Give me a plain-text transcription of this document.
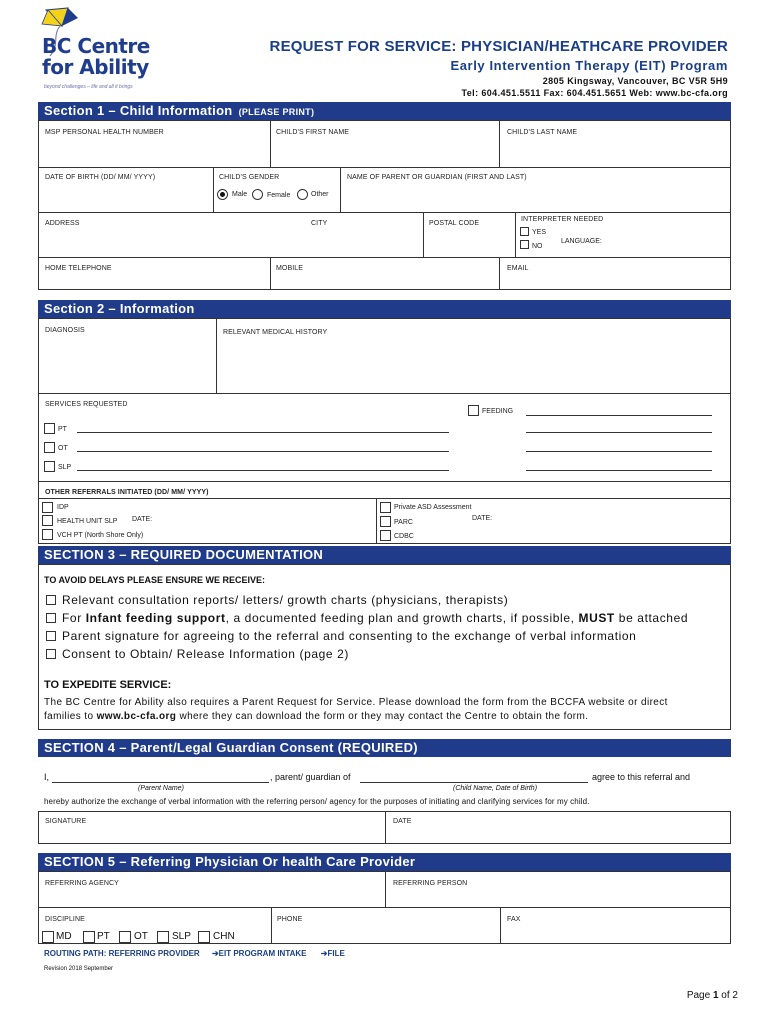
BC Centre
for Ability
beyond challenges – life and all it brings
REQUEST FOR SERVICE: PHYSICIAN/HEATHCARE PROVIDER
Early Intervention Therapy (EIT) Program
2805 Kingsway, Vancouver, BC V5R 5H9
Tel: 604.451.5511 Fax: 604.451.5651 Web: www.bc-cfa.org
Section 1 – Child Information (PLEASE PRINT)
MSP PERSONAL HEALTH NUMBER	CHILD'S FIRST NAME	CHILD'S LAST NAME
DATE OF BIRTH (DD/ MM/ YYYY)	CHILD'S GENDER	NAME OF PARENT OR GUARDIAN (FIRST AND LAST)
Male	Female	Other
ADDRESS	CITY	POSTAL CODE
INTERPRETER NEEDED
YES
NO
LANGUAGE:
HOME TELEPHONE	MOBILE	EMAIL
Section 2 – Information
DIAGNOSIS	RELEVANT MEDICAL HISTORY
SERVICES REQUESTED
FEEDING
PT
OT
SLP
OTHER REFERRALS INITIATED (DD/ MM/ YYYY)
IDP
HEALTH UNIT SLP DATE:
VCH PT (North Shore Only)
Private ASD Assessment
PARC
DATE:
CDBC
SECTION 3 – REQUIRED DOCUMENTATION
TO AVOID DELAYS PLEASE ENSURE WE RECEIVE:
Relevant consultation reports/ letters/ growth charts (physicians, therapists)
For Infant feeding support, a documented feeding plan and growth charts, if possible, MUST be attached
Parent signature for agreeing to the referral and consenting to the exchange of verbal information
Consent to Obtain/ Release Information (page 2)
TO EXPEDITE SERVICE:
The BC Centre for Ability also requires a Parent Request for Service. Please download the form from the BCCFA website or direct
families to www.bc-cfa.org where they can download the form or they may contact the Centre to obtain the form.
SECTION 4 – Parent/Legal Guardian Consent (REQUIRED)
I,	, parent/ guardian of	agree to this referral and
(Parent Name)	(Child Name, Date of Birth)
hereby authorize the exchange of verbal information with the referring person/ agency for the purposes of initiating and clarifying services for my child.
SIGNATURE	DATE
SECTION 5 – Referring Physician Or health Care Provider
REFERRING AGENCY	REFERRING PERSON
DISCIPLINE	PHONE	FAX
MD	PT OT SLP CHN
ROUTING PATH: REFERRING PROVIDER ➔EIT PROGRAM INTAKE ➔FILE
Revision 2018 September
Page 1 of 2
